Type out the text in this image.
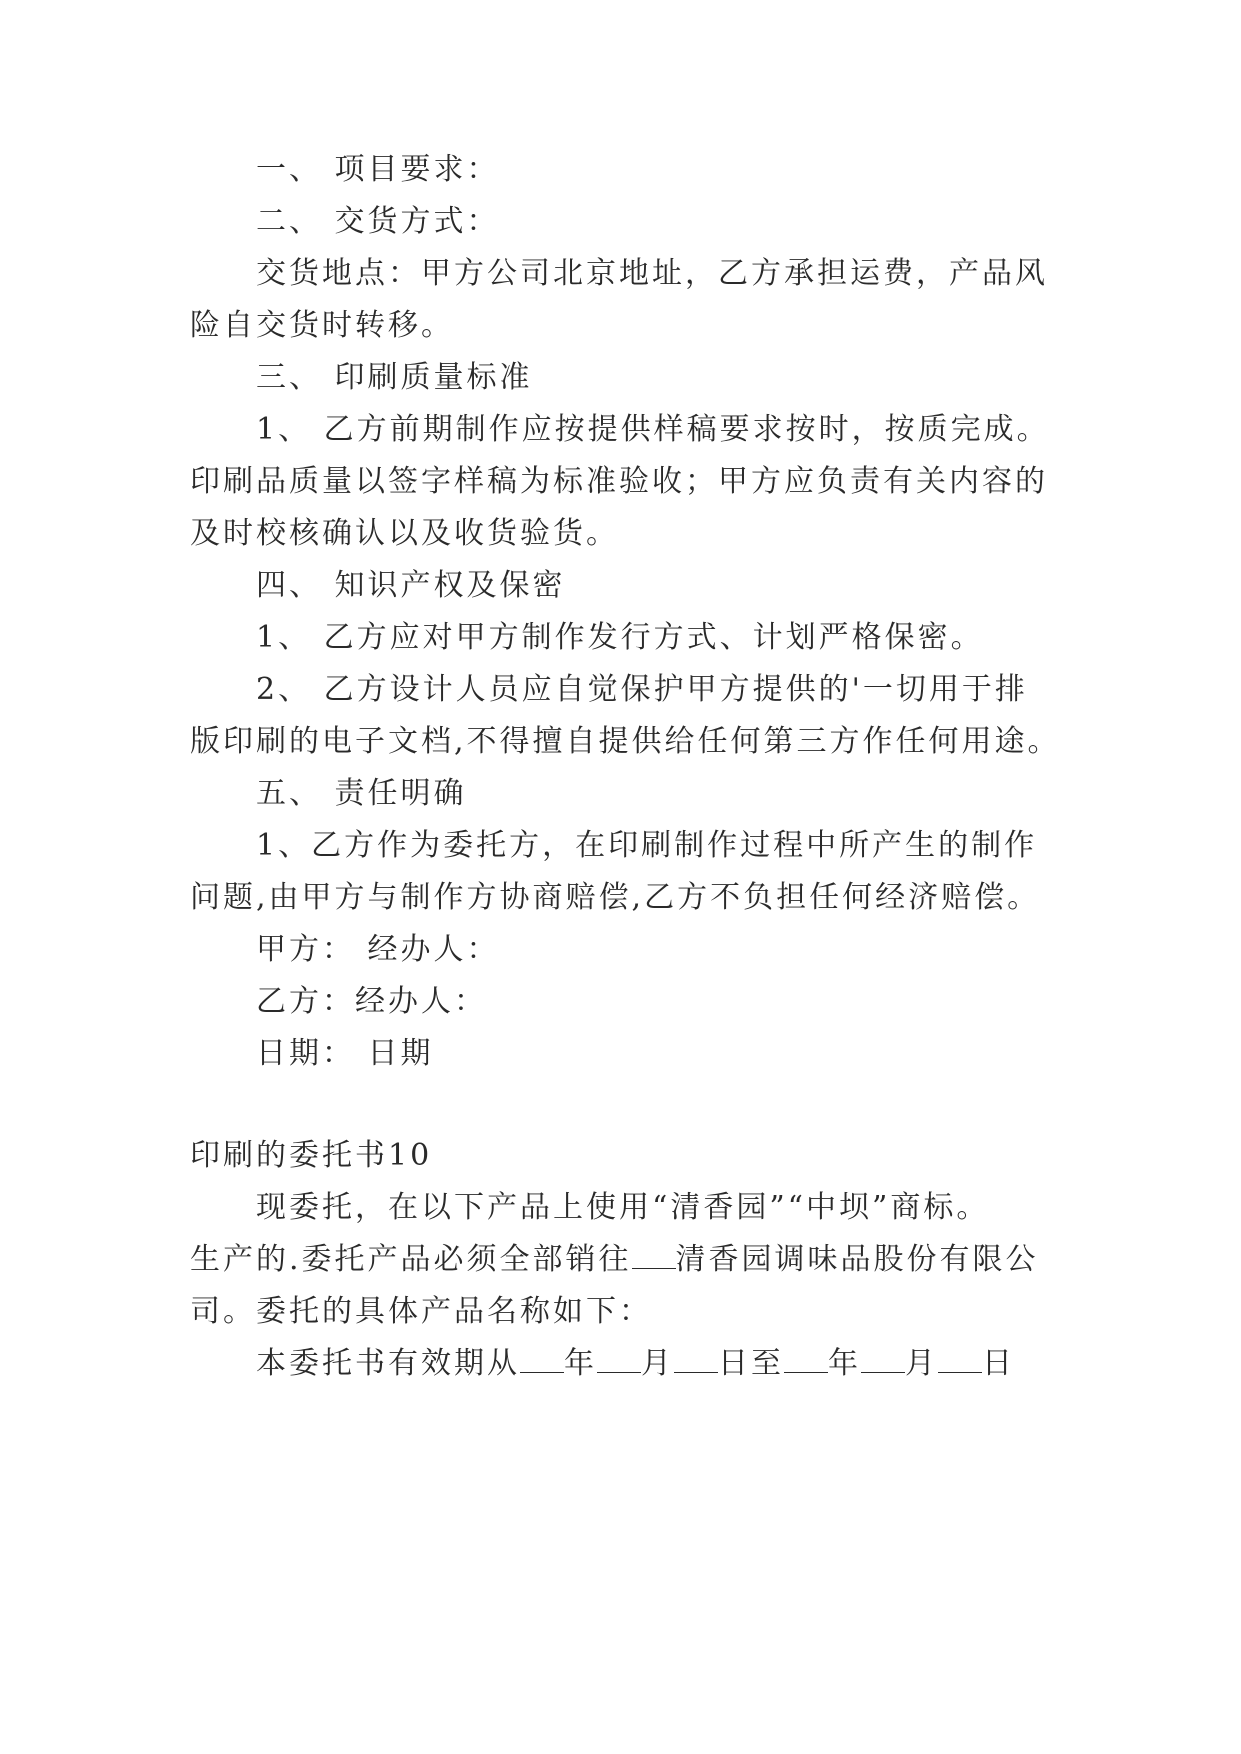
一、 项目要求：
二、 交货方式：
交货地点：甲方公司北京地址，乙方承担运费，产品风
险自交货时转移。
三、 印刷质量标准
1、 乙方前期制作应按提供样稿要求按时，按质完成。
印刷品质量以签字样稿为标准验收；甲方应负责有关内容的
及时校核确认以及收货验货。
四、 知识产权及保密
1、 乙方应对甲方制作发行方式、计划严格保密。
2、 乙方设计人员应自觉保护甲方提供的'一切用于排
版印刷的电子文档,不得擅自提供给任何第三方作任何用途。
五、 责任明确
1、乙方作为委托方，在印刷制作过程中所产生的制作
问题,由甲方与制作方协商赔偿,乙方不负担任何经济赔偿。
甲方： 经办人：
乙方：经办人：
日期： 日期
印刷的委托书10
现委托，在以下产品上使用“清香园”“中坝”商标。
生产的.委托产品必须全部销往 清香园调味品股份有限公
司。委托的具体产品名称如下：
本委托书有效期从 年 月 日至 年 月 日
